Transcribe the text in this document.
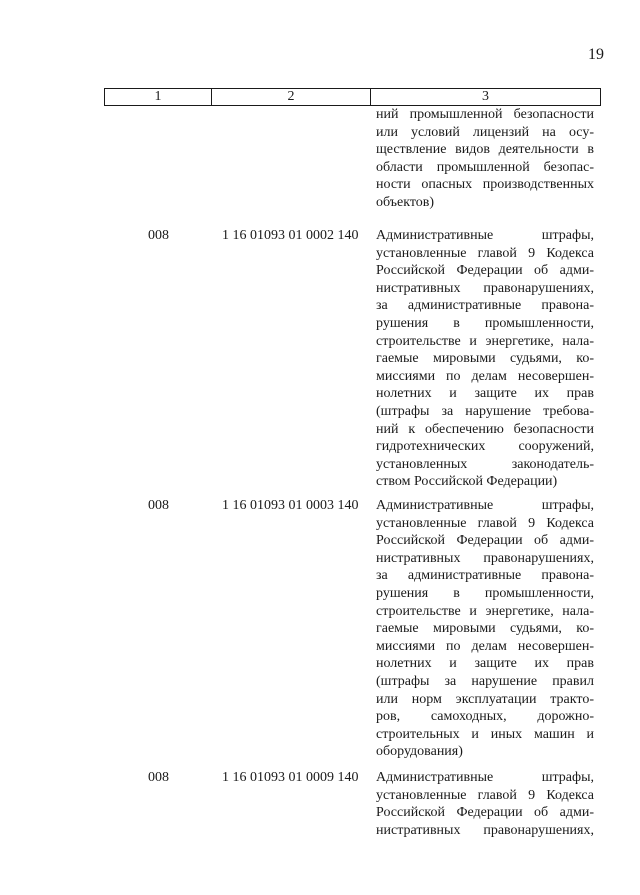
19
1	2	3
ний промышленной безопасности
или условий лицензий на осу-
ществление видов деятельности в
области промышленной безопас-
ности опасных производственных
объектов)
008	1 16 01093 01 0002 140 Административные штрафы,
установленные главой 9 Кодекса
Российской Федерации об адми-
нистративных правонарушениях,
за административные правона-
рушения в промышленности,
строительстве и энергетике, нала-
гаемые мировыми судьями, ко-
миссиями по делам несовершен-
нолетних и защите их прав
(штрафы за нарушение требова-
ний к обеспечению безопасности
гидротехнических сооружений,
установленных законодатель-
ством Российской Федерации)
008	1 16 01093 01 0003 140 Административные штрафы,
установленные главой 9 Кодекса
Российской Федерации об адми-
нистративных правонарушениях,
за административные правона-
рушения в промышленности,
строительстве и энергетике, нала-
гаемые мировыми судьями, ко-
миссиями по делам несовершен-
нолетних и защите их прав
(штрафы за нарушение правил
или норм эксплуатации тракто-
ров, самоходных, дорожно-
строительных и иных машин и
оборудования)
008	1 16 01093 01 0009 140 Административные штрафы,
установленные главой 9 Кодекса
Российской Федерации об адми-
нистративных правонарушениях,
